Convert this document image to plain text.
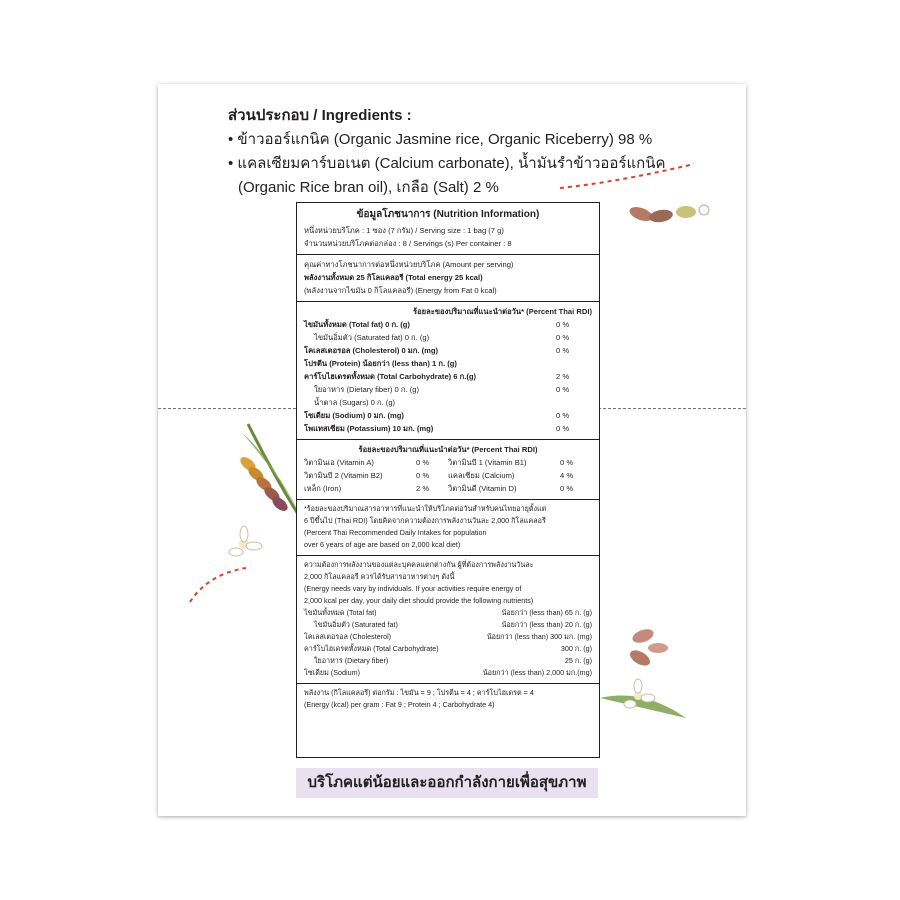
ส่วนประกอบ / Ingredients :
• ข้าวออร์แกนิค (Organic Jasmine rice, Organic Riceberry) 98 %
• แคลเซียมคาร์บอเนต (Calcium carbonate), น้ำมันรำข้าวออร์แกนิค
(Organic Rice bran oil), เกลือ (Salt) 2 %
ข้อมูลโภชนาการ (Nutrition Information)
หนึ่งหน่วยบริโภค : 1 ซอง (7 กรัม) / Serving size : 1 bag (7 g)
จำนวนหน่วยบริโภคต่อกล่อง : 8 / Servings (s) Per container : 8
คุณค่าทางโภชนาการต่อหนึ่งหน่วยบริโภค (Amount per serving)
พลังงานทั้งหมด 25 กิโลแคลอรี (Total energy 25 kcal)
(พลังงานจากไขมัน 0 กิโลแคลอรี) (Energy from Fat 0 kcal)
ร้อยละของปริมาณที่แนะนำต่อวัน* (Percent Thai RDI)
ไขมันทั้งหมด (Total fat) 0 ก. (g)	0 %
ไขมันอิ่มตัว (Saturated fat) 0 ก. (g)	0 %
โคเลสเตอรอล (Cholesterol) 0 มก. (mg)	0 %
โปรตีน (Protein) น้อยกว่า (less than) 1 ก. (g)
คาร์โบไฮเดรตทั้งหมด (Total Carbohydrate) 6 ก.(g)	2 %
ใยอาหาร (Dietary fiber) 0 ก. (g)	0 %
น้ำตาล (Sugars) 0 ก. (g)
โซเดียม (Sodium) 0 มก. (mg)	0 %
โพแทสเซียม (Potassium) 10 มก. (mg)	0 %
ร้อยละของปริมาณที่แนะนำต่อวัน* (Percent Thai RDI)
วิตามินเอ (Vitamin A)	0 %	วิตามินบี 1 (Vitamin B1)	0 %
วิตามินบี 2 (Vitamin B2)	0 %	แคลเซียม (Calcium)	4 %
เหล็ก (Iron)	2 %	วิตามินดี (Vitamin D)	0 %
*ร้อยละของปริมาณสารอาหารที่แนะนำให้บริโภคต่อวันสำหรับคนไทยอายุตั้งแต่
6 ปีขึ้นไป (Thai RDI) โดยคิดจากความต้องการพลังงานวันละ 2,000 กิโลแคลอรี
(Percent Thai Recommended Daily Intakes for population
over 6 years of age are based on 2,000 kcal diet)
ความต้องการพลังงานของแต่ละบุคคลแตกต่างกัน ผู้ที่ต้องการพลังงานวันละ
2,000 กิโลแคลอรี ควรได้รับสารอาหารต่างๆ ดังนี้
(Energy needs vary by individuals. If your activities require energy of
2,000 kcal per day, your daily diet should provide the following nutrients)
ไขมันทั้งหมด (Total fat)	น้อยกว่า (less than) 65 ก. (g)
ไขมันอิ่มตัว (Saturated fat)	น้อยกว่า (less than) 20 ก. (g)
โคเลสเตอรอล (Cholesterol)	น้อยกว่า (less than) 300 มก. (mg)
คาร์โบไฮเดรตทั้งหมด (Total Carbohydrate)	300 ก. (g)
ใยอาหาร (Dietary fiber)	25 ก. (g)
โซเดียม (Sodium)	น้อยกว่า (less than) 2,000 มก.(mg)
พลังงาน (กิโลแคลอรี) ต่อกรัม : ไขมัน = 9 ; โปรตีน = 4 ; คาร์โบไฮเดรต = 4
(Energy (kcal) per gram : Fat 9 ; Protein 4 ; Carbohydrate 4)
บริโภคแต่น้อยและออกกำลังกายเพื่อสุขภาพ
